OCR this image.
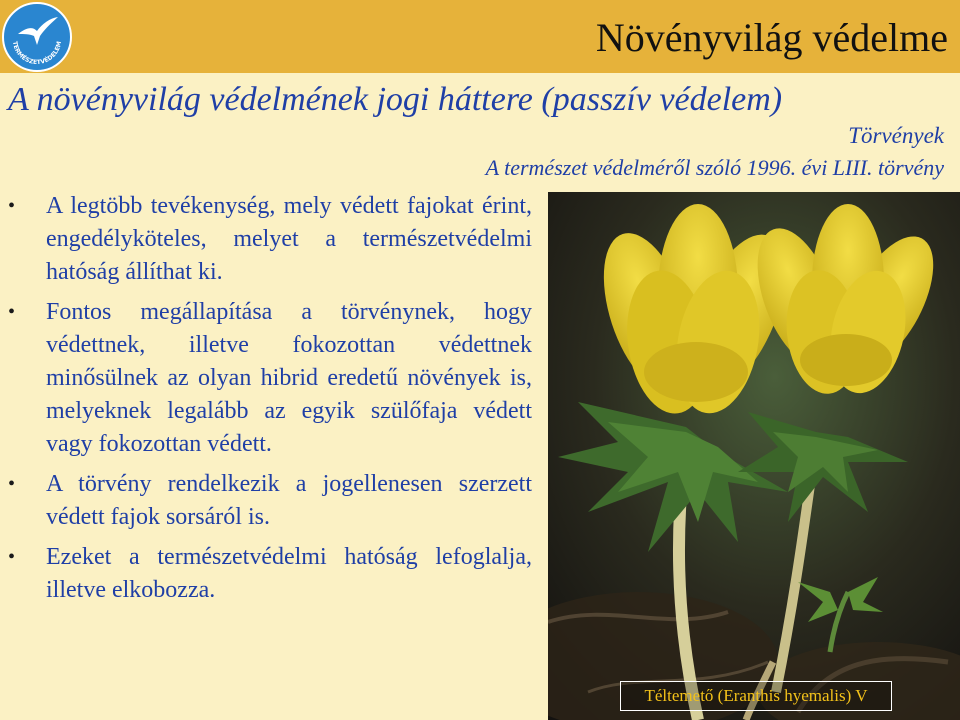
TERMÉSZETVÉDELEM	Növényvilág védelme
A növényvilág védelmének jogi háttere (passzív védelem)
Törvények
A természet védelméről szóló 1996. évi LIII. törvény
• A legtöbb tevékenység, mely védett fajokat érint, engedélyköteles, melyet a természetvédelmi hatóság állíthat ki.
• Fontos megállapítása a törvénynek, hogy védettnek, illetve fokozottan védettnek minősülnek az olyan hibrid eredetű növények is, melyeknek legalább az egyik szülőfaja védett vagy fokozottan védett.
• A törvény rendelkezik a jogellenesen szerzett védett fajok sorsáról is.
• Ezeket a természetvédelmi hatóság lefoglalja, illetve elkobozza.
Téltemető (Eranthis hyemalis) V
